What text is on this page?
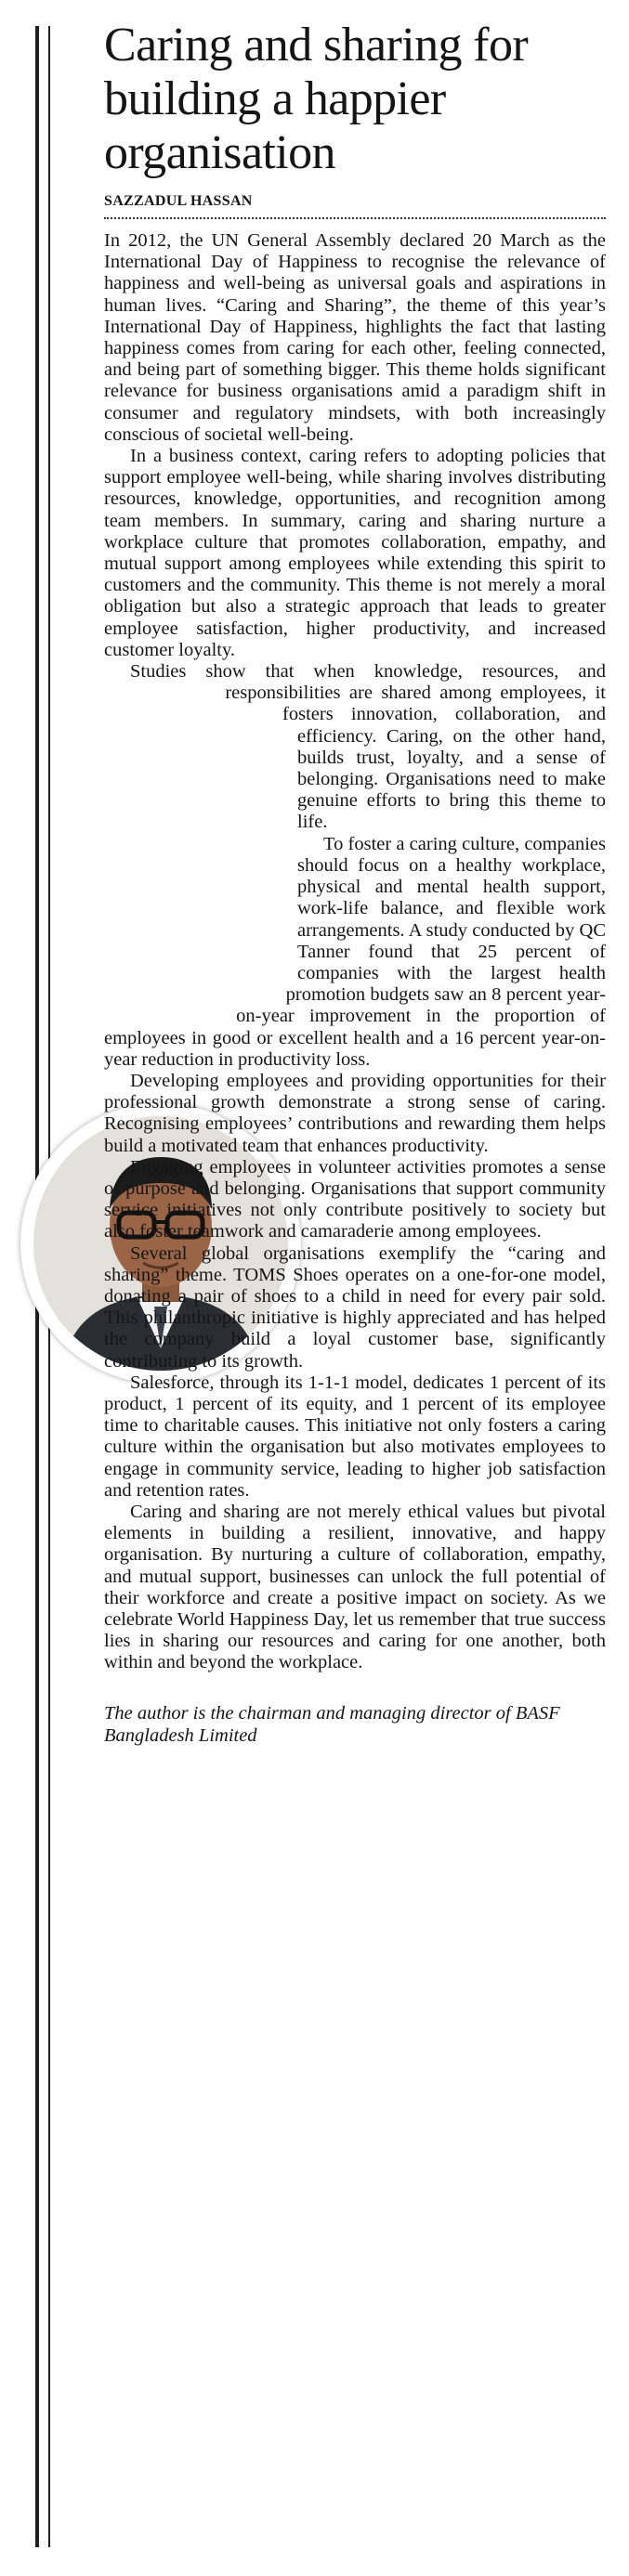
Caring and sharing for building a happier organisation
SAZZADUL HASSAN

In 2012, the UN General Assembly declared 20 March as the International Day of Happiness to recognise the relevance of happiness and well-being as universal goals and aspirations in human lives. “Caring and Sharing”, the theme of this year’s International Day of Happiness, highlights the fact that lasting happiness comes from caring for each other, feeling connected, and being part of something bigger. This theme holds significant relevance for business organisations amid a paradigm shift in consumer and regulatory mindsets, with both increasingly conscious of societal well-being.

In a business context, caring refers to adopting policies that support employee well-being, while sharing involves distributing resources, knowledge, opportunities, and recognition among team members. In summary, caring and sharing nurture a workplace culture that promotes collaboration, empathy, and mutual support among employees while extending this spirit to customers and the community. This theme is not merely a moral obligation but also a strategic approach that leads to greater employee satisfaction, higher productivity, and increased customer loyalty.

Studies show that when knowledge, resources, and responsibilities are shared among employees, it fosters innovation, collaboration, and efficiency. Caring, on the other hand, builds trust, loyalty, and a sense of belonging. Organisations need to make genuine efforts to bring this theme to life.

To foster a caring culture, companies should focus on a healthy workplace, physical and mental health support, work-life balance, and flexible work arrangements. A study conducted by QC Tanner found that 25 percent of companies with the largest health promotion budgets saw an 8 percent year-on-year improvement in the proportion of employees in good or excellent health and a 16 percent year-on-year reduction in productivity loss.

Developing employees and providing opportunities for their professional growth demonstrate a strong sense of caring. Recognising employees’ contributions and rewarding them helps build a motivated team that enhances productivity.

Engaging employees in volunteer activities promotes a sense of purpose and belonging. Organisations that support community service initiatives not only contribute positively to society but also foster teamwork and camaraderie among employees.

Several global organisations exemplify the “caring and sharing” theme. TOMS Shoes operates on a one-for-one model, donating a pair of shoes to a child in need for every pair sold. This philanthropic initiative is highly appreciated and has helped the company build a loyal customer base, significantly contributing to its growth.

Salesforce, through its 1-1-1 model, dedicates 1 percent of its product, 1 percent of its equity, and 1 percent of its employee time to charitable causes. This initiative not only fosters a caring culture within the organisation but also motivates employees to engage in community service, leading to higher job satisfaction and retention rates.

Caring and sharing are not merely ethical values but pivotal elements in building a resilient, innovative, and happy organisation. By nurturing a culture of collaboration, empathy, and mutual support, businesses can unlock the full potential of their workforce and create a positive impact on society. As we celebrate World Happiness Day, let us remember that true success lies in sharing our resources and caring for one another, both within and beyond the workplace.

The author is the chairman and managing director of BASF Bangladesh Limited
